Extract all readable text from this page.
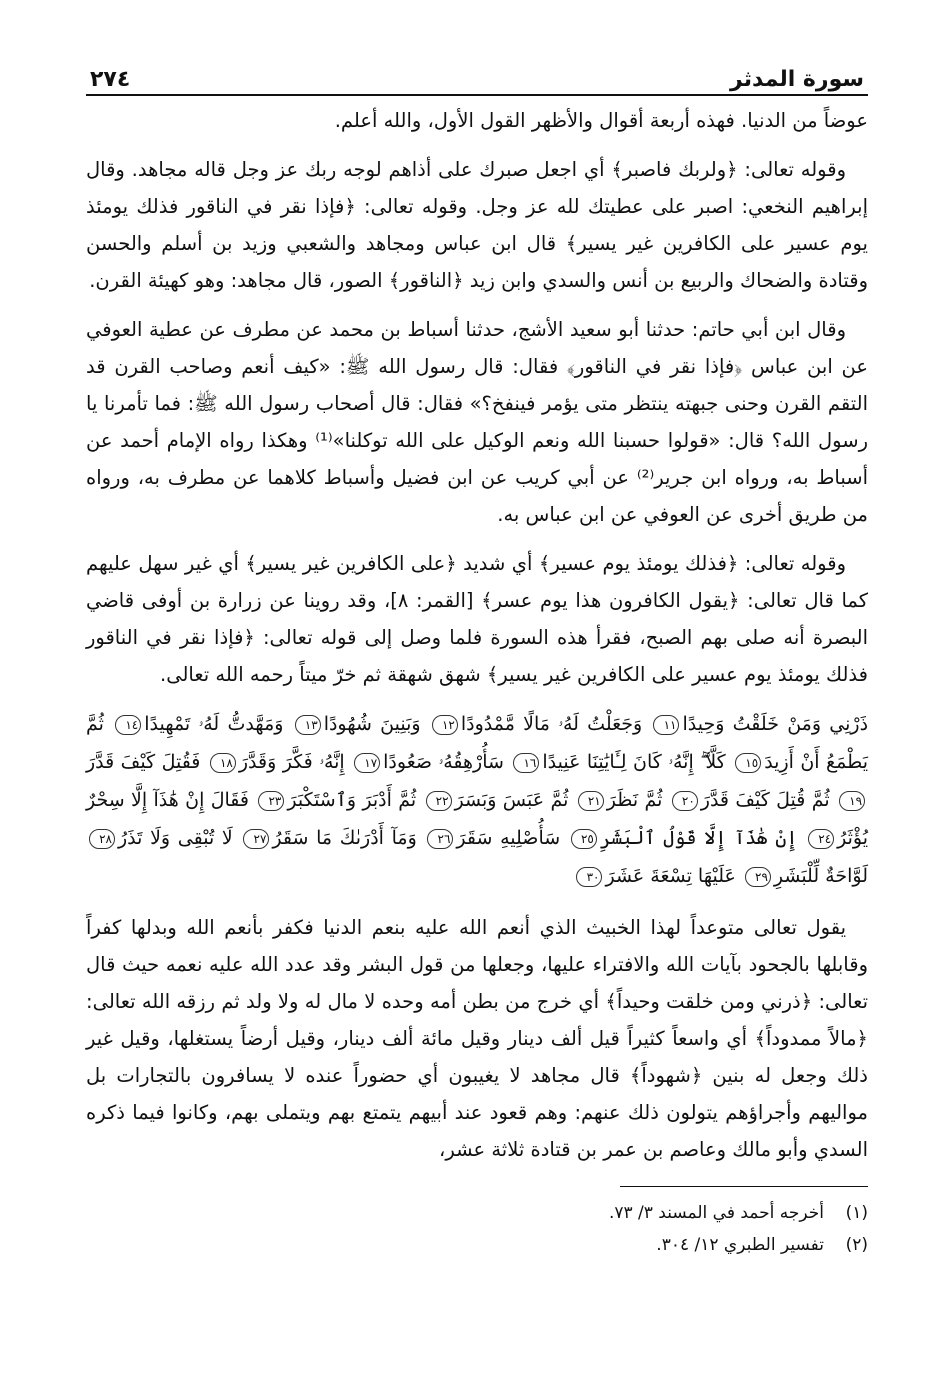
سورة المدثر
٢٧٤

عوضاً من الدنيا. فهذه أربعة أقوال والأظهر القول الأول، والله أعلم.

وقوله تعالى: ﴿ولربك فاصبر﴾ أي اجعل صبرك على أذاهم لوجه ربك عز وجل قاله مجاهد. وقال إبراهيم النخعي: اصبر على عطيتك لله عز وجل. وقوله تعالى: ﴿فإذا نقر في الناقور فذلك يومئذ يوم عسير على الكافرين غير يسير﴾ قال ابن عباس ومجاهد والشعبي وزيد بن أسلم والحسن وقتادة والضحاك والربيع بن أنس والسدي وابن زيد ﴿الناقور﴾ الصور، قال مجاهد: وهو كهيئة القرن.

وقال ابن أبي حاتم: حدثنا أبو سعيد الأشج، حدثنا أسباط بن محمد عن مطرف عن عطية العوفي عن ابن عباس ﴿فإذا نقر في الناقور﴾ فقال: قال رسول الله ﷺ: «كيف أنعم وصاحب القرن قد التقم القرن وحنى جبهته ينتظر متى يؤمر فينفخ؟» فقال: قال أصحاب رسول الله ﷺ: فما تأمرنا يا رسول الله؟ قال: «قولوا حسبنا الله ونعم الوكيل على الله توكلنا»⁽¹⁾ وهكذا رواه الإمام أحمد عن أسباط به، ورواه ابن جرير⁽²⁾ عن أبي كريب عن ابن فضيل وأسباط كلاهما عن مطرف به، ورواه من طريق أخرى عن العوفي عن ابن عباس به.

وقوله تعالى: ﴿فذلك يومئذ يوم عسير﴾ أي شديد ﴿على الكافرين غير يسير﴾ أي غير سهل عليهم كما قال تعالى: ﴿يقول الكافرون هذا يوم عسر﴾ [القمر: ٨]، وقد روينا عن زرارة بن أوفى قاضي البصرة أنه صلى بهم الصبح، فقرأ هذه السورة فلما وصل إلى قوله تعالى: ﴿فإذا نقر في الناقور فذلك يومئذ يوم عسير على الكافرين غير يسير﴾ شهق شهقة ثم خرّ ميتاً رحمه الله تعالى.

ذَرْنِي وَمَنْ خَلَقْتُ وَحِيدًا١١ وَجَعَلْتُ لَهُۥ مَالًا مَّمْدُودًا١٢ وَبَنِينَ شُهُودًا١٣ وَمَهَّدتُّ لَهُۥ تَمْهِيدًا١٤ ثُمَّ يَطْمَعُ أَنْ أَزِيدَ١٥ كَلَّآ ۖ إِنَّهُۥ كَانَ لِـَٔايَٰتِنَا عَنِيدًا١٦ سَأُرْهِقُهُۥ صَعُودًا١٧ إِنَّهُۥ فَكَّرَ وَقَدَّرَ١٨ فَقُتِلَ كَيْفَ قَدَّرَ١٩ ثُمَّ قُتِلَ كَيْفَ قَدَّرَ٢٠ ثُمَّ نَظَرَ٢١ ثُمَّ عَبَسَ وَبَسَرَ٢٢ ثُمَّ أَدْبَرَ وَٱسْتَكْبَرَ٢٣ فَقَالَ إِنْ هَٰذَآ إِلَّا سِحْرٌ يُؤْثَرُ٢٤ إِنْ هَٰذَآ إِلَّا قَوْلُ ٱلْبَشَرِ٢٥ سَأُصْلِيهِ سَقَرَ٢٦ وَمَآ أَدْرَىٰكَ مَا سَقَرُ٢٧ لَا تُبْقِى وَلَا تَذَرُ٢٨ لَوَّاحَةٌ لِّلْبَشَرِ٢٩ عَلَيْهَا تِسْعَةَ عَشَرَ٣٠

يقول تعالى متوعداً لهذا الخبيث الذي أنعم الله عليه بنعم الدنيا فكفر بأنعم الله وبدلها كفراً وقابلها بالجحود بآيات الله والافتراء عليها، وجعلها من قول البشر وقد عدد الله عليه نعمه حيث قال تعالى: ﴿ذرني ومن خلقت وحيداً﴾ أي خرج من بطن أمه وحده لا مال له ولا ولد ثم رزقه الله تعالى: ﴿مالاً ممدوداً﴾ أي واسعاً كثيراً قيل ألف دينار وقيل مائة ألف دينار، وقيل أرضاً يستغلها، وقيل غير ذلك وجعل له بنين ﴿شهوداً﴾ قال مجاهد لا يغيبون أي حضوراً عنده لا يسافرون بالتجارات بل مواليهم وأجراؤهم يتولون ذلك عنهم: وهم قعود عند أبيهم يتمتع بهم ويتملى بهم، وكانوا فيما ذكره السدي وأبو مالك وعاصم بن عمر بن قتادة ثلاثة عشر،

(١)أخرجه أحمد في المسند ٣/ ٧٣.

(٢)تفسير الطبري ١٢/ ٣٠٤.
